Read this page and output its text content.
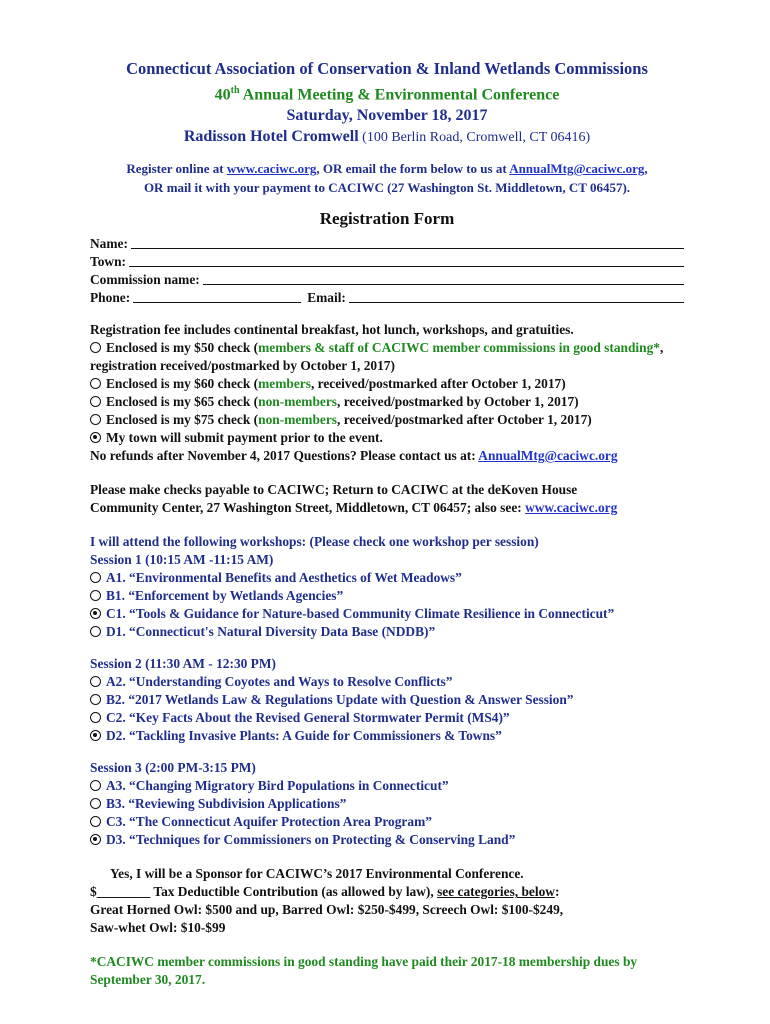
Connecticut Association of Conservation & Inland Wetlands Commissions
40th Annual Meeting & Environmental Conference
Saturday, November 18, 2017
Radisson Hotel Cromwell (100 Berlin Road, Cromwell, CT 06416)
Register online at www.caciwc.org, OR email the form below to us at AnnualMtg@caciwc.org,
OR mail it with your payment to CACIWC (27 Washington St. Middletown, CT 06457).
Registration Form
Name:
Town:
Commission name:
Phone:	Email:
Registration fee includes continental breakfast, hot lunch, workshops, and gratuities.
Enclosed is my $50 check (members & staff of CACIWC member commissions in good standing*, registration received/postmarked by October 1, 2017)
Enclosed is my $60 check (members, received/postmarked after October 1, 2017)
Enclosed is my $65 check (non-members, received/postmarked by October 1, 2017)
Enclosed is my $75 check (non-members, received/postmarked after October 1, 2017)
My town will submit payment prior to the event.
No refunds after November 4, 2017 Questions? Please contact us at: AnnualMtg@caciwc.org
Please make checks payable to CACIWC; Return to CACIWC at the deKoven House
Community Center, 27 Washington Street, Middletown, CT 06457; also see: www.caciwc.org
I will attend the following workshops: (Please check one workshop per session)
Session 1 (10:15 AM -11:15 AM)
A1. “Environmental Benefits and Aesthetics of Wet Meadows”
B1. “Enforcement by Wetlands Agencies”
C1. “Tools & Guidance for Nature-based Community Climate Resilience in Connecticut”
D1. “Connecticut's Natural Diversity Data Base (NDDB)”
Session 2 (11:30 AM - 12:30 PM)
A2. “Understanding Coyotes and Ways to Resolve Conflicts”
B2. “2017 Wetlands Law & Regulations Update with Question & Answer Session”
C2. “Key Facts About the Revised General Stormwater Permit (MS4)”
D2. “Tackling Invasive Plants: A Guide for Commissioners & Towns”
Session 3 (2:00 PM-3:15 PM)
A3. “Changing Migratory Bird Populations in Connecticut”
B3. “Reviewing Subdivision Applications”
C3. “The Connecticut Aquifer Protection Area Program”
D3. “Techniques for Commissioners on Protecting & Conserving Land”
Yes, I will be a Sponsor for CACIWC’s 2017 Environmental Conference.
$________ Tax Deductible Contribution (as allowed by law), see categories, below:
Great Horned Owl: $500 and up, Barred Owl: $250-$499, Screech Owl: $100-$249,
Saw-whet Owl: $10-$99
*CACIWC member commissions in good standing have paid their 2017-18 membership dues by September 30, 2017.
